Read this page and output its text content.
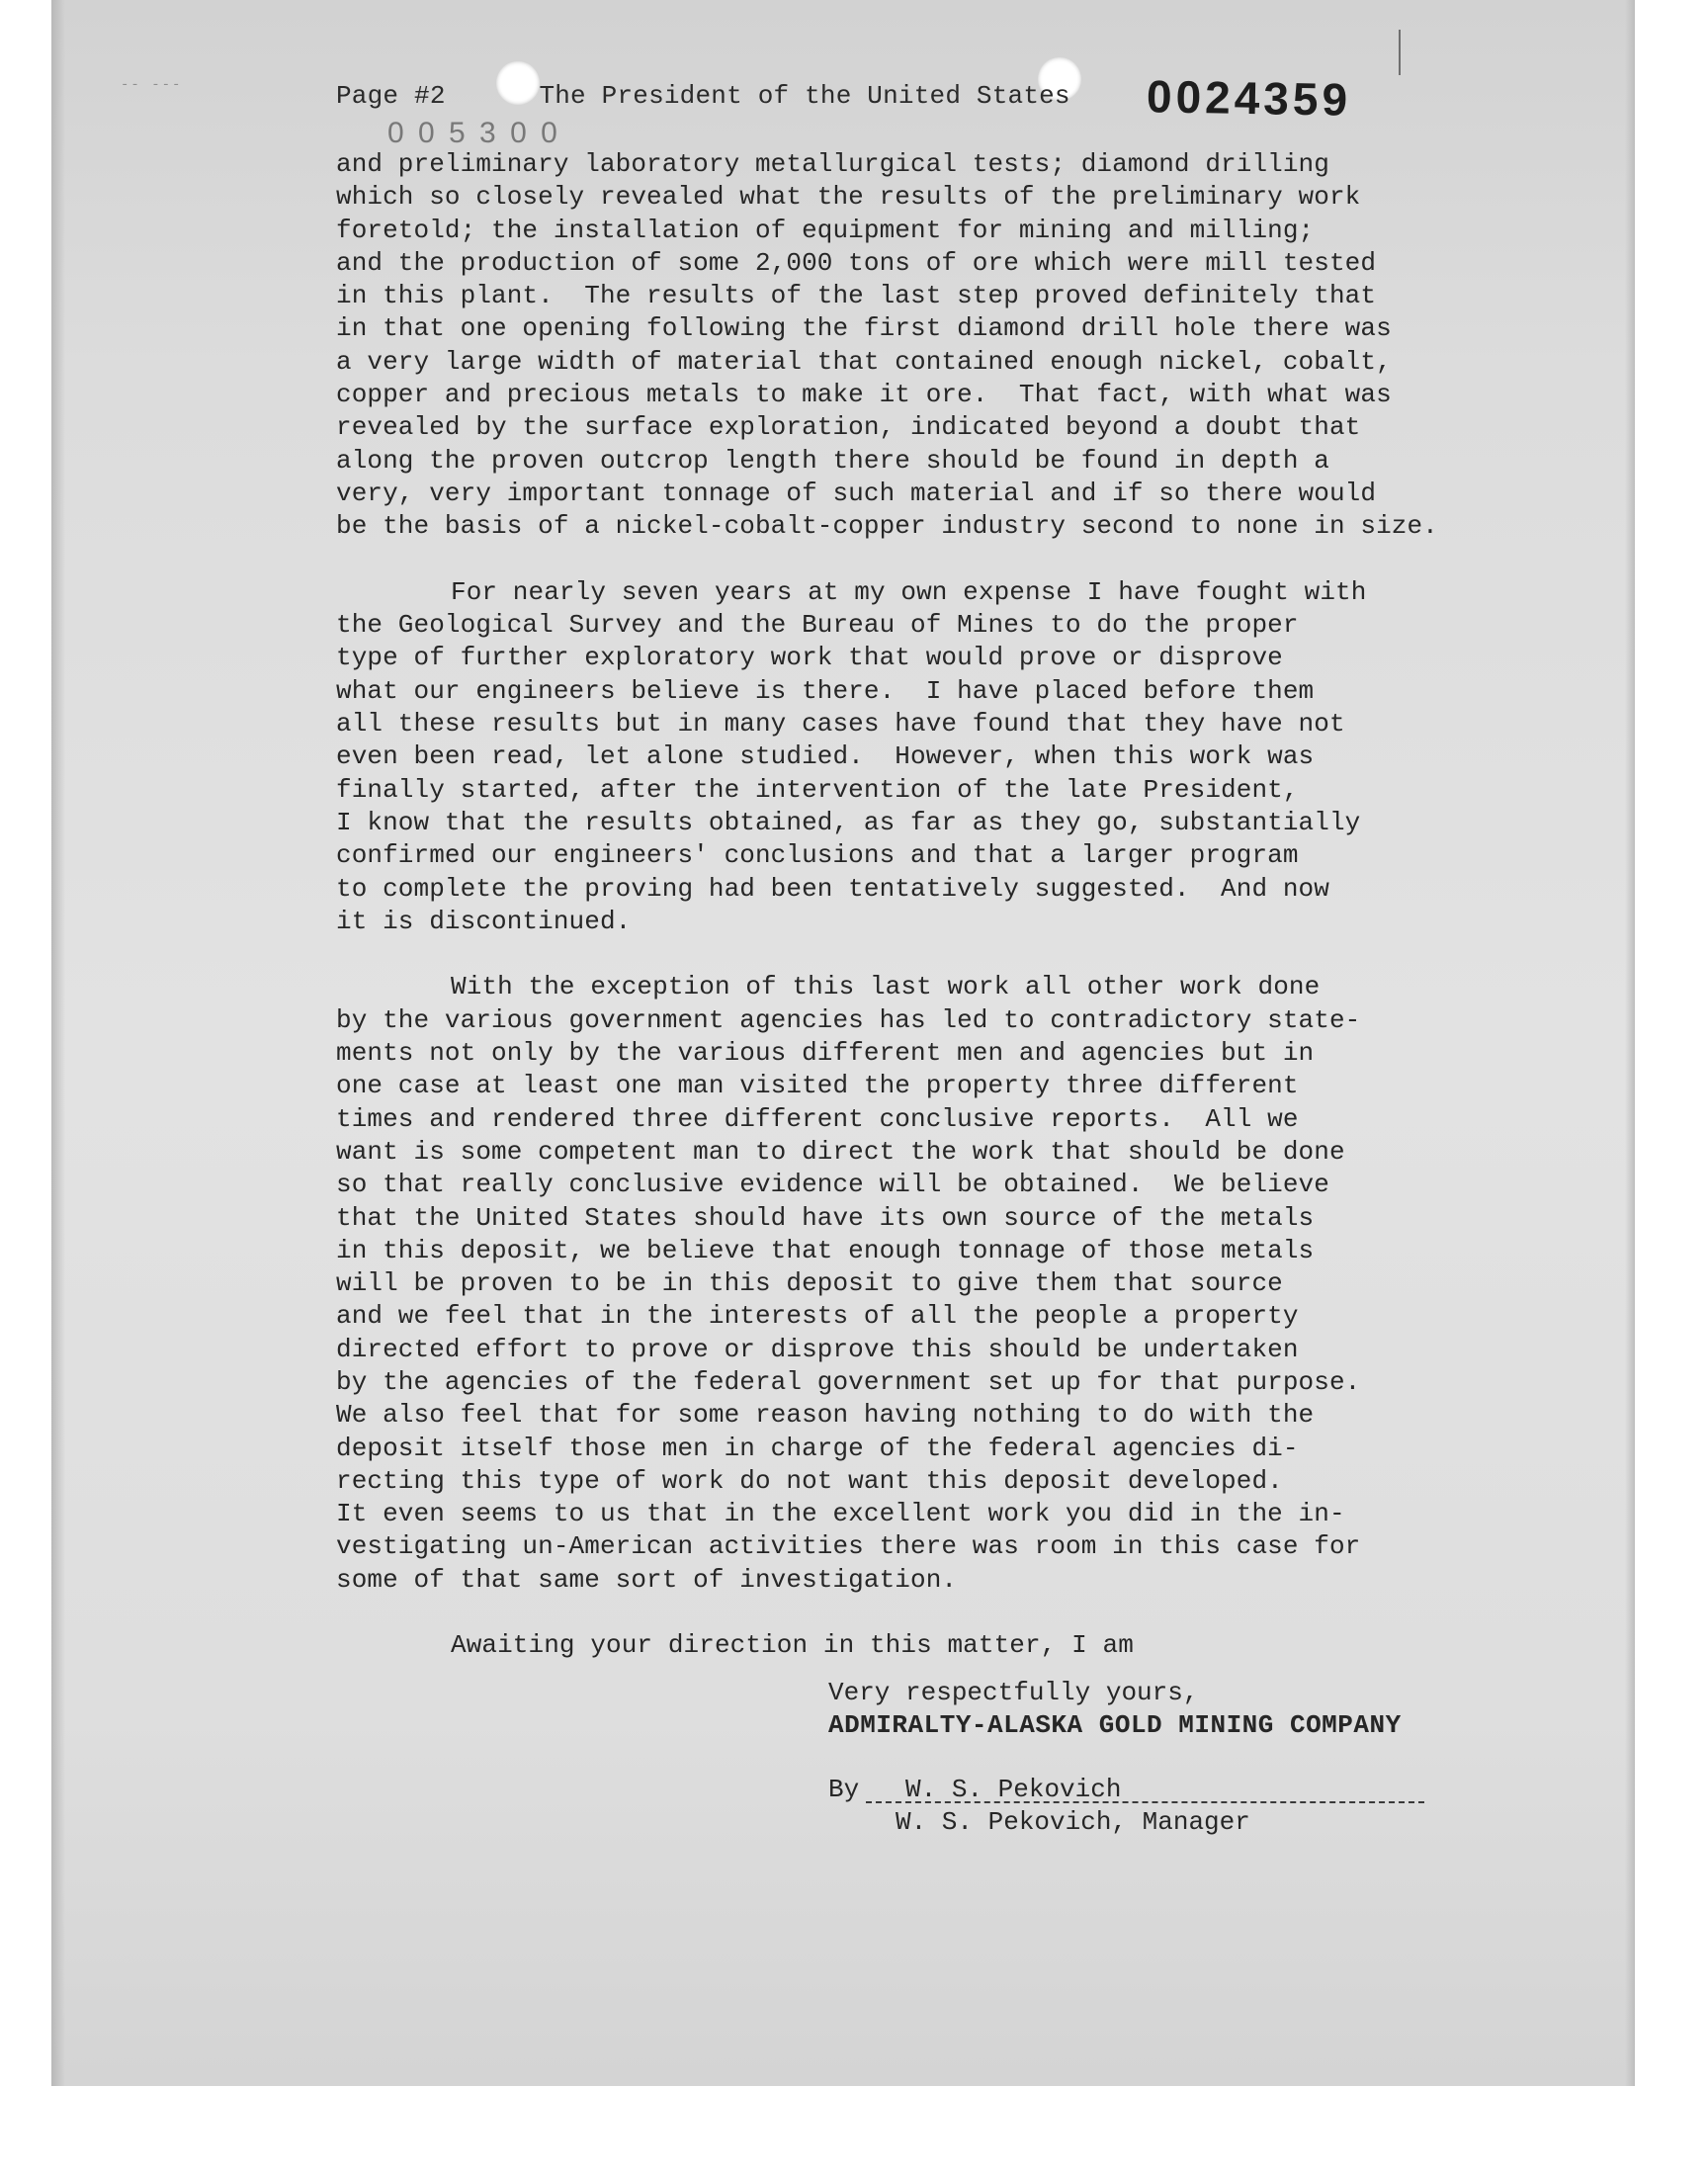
-- ---	Page #2	The President of the United States 0024359
0 0 5 3 0 0
and preliminary laboratory metallurgical tests; diamond drilling
which so closely revealed what the results of the preliminary work
foretold; the installation of equipment for mining and milling;
and the production of some 2,000 tons of ore which were mill tested
in this plant.  The results of the last step proved definitely that
in that one opening following the first diamond drill hole there was
a very large width of material that contained enough nickel, cobalt,
copper and precious metals to make it ore.  That fact, with what was
revealed by the surface exploration, indicated beyond a doubt that
along the proven outcrop length there should be found in depth a
very, very important tonnage of such material and if so there would
be the basis of a nickel-cobalt-copper industry second to none in size.
For nearly seven years at my own expense I have fought with
the Geological Survey and the Bureau of Mines to do the proper
type of further exploratory work that would prove or disprove
what our engineers believe is there.  I have placed before them
all these results but in many cases have found that they have not
even been read, let alone studied.  However, when this work was
finally started, after the intervention of the late President,
I know that the results obtained, as far as they go, substantially
confirmed our engineers' conclusions and that a larger program
to complete the proving had been tentatively suggested.  And now
it is discontinued.
With the exception of this last work all other work done
by the various government agencies has led to contradictory state-
ments not only by the various different men and agencies but in
one case at least one man visited the property three different
times and rendered three different conclusive reports.  All we
want is some competent man to direct the work that should be done
so that really conclusive evidence will be obtained.  We believe
that the United States should have its own source of the metals
in this deposit, we believe that enough tonnage of those metals
will be proven to be in this deposit to give them that source
and we feel that in the interests of all the people a property
directed effort to prove or disprove this should be undertaken
by the agencies of the federal government set up for that purpose.
We also feel that for some reason having nothing to do with the
deposit itself those men in charge of the federal agencies di-
recting this type of work do not want this deposit developed.
It even seems to us that in the excellent work you did in the in-
vestigating un-American activities there was room in this case for
some of that same sort of investigation.
Awaiting your direction in this matter, I am
Very respectfully yours,
ADMIRALTY-ALASKA GOLD MINING COMPANY
By W. S. Pekovich
W. S. Pekovich, Manager
